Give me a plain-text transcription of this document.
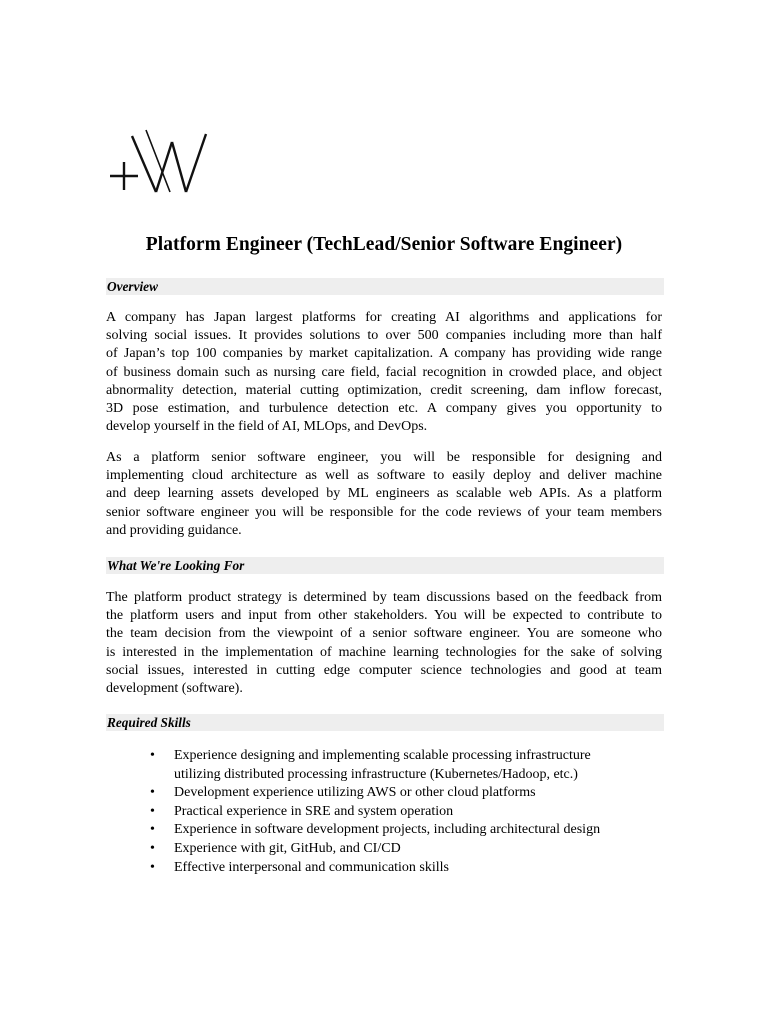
Platform Engineer (TechLead/Senior Software Engineer)
Overview
A company has Japan largest platforms for creating AI algorithms and applications for
solving social issues. It provides solutions to over 500 companies including more than half
of Japan’s top 100 companies by market capitalization. A company has providing wide range
of business domain such as nursing care field, facial recognition in crowded place, and object
abnormality detection, material cutting optimization, credit screening, dam inflow forecast,
3D pose estimation, and turbulence detection etc. A company gives you opportunity to
develop yourself in the field of AI, MLOps, and DevOps.
As a platform senior software engineer, you will be responsible for designing and
implementing cloud architecture as well as software to easily deploy and deliver machine
and deep learning assets developed by ML engineers as scalable web APIs. As a platform
senior software engineer you will be responsible for the code reviews of your team members
and providing guidance.
What We're Looking For
The platform product strategy is determined by team discussions based on the feedback from
the platform users and input from other stakeholders. You will be expected to contribute to
the team decision from the viewpoint of a senior software engineer. You are someone who
is interested in the implementation of machine learning technologies for the sake of solving
social issues, interested in cutting edge computer science technologies and good at team
development (software).
Required Skills
• Experience designing and implementing scalable processing infrastructure
utilizing distributed processing infrastructure (Kubernetes/Hadoop, etc.)
• Development experience utilizing AWS or other cloud platforms
• Practical experience in SRE and system operation
• Experience in software development projects, including architectural design
• Experience with git, GitHub, and CI/CD
• Effective interpersonal and communication skills
